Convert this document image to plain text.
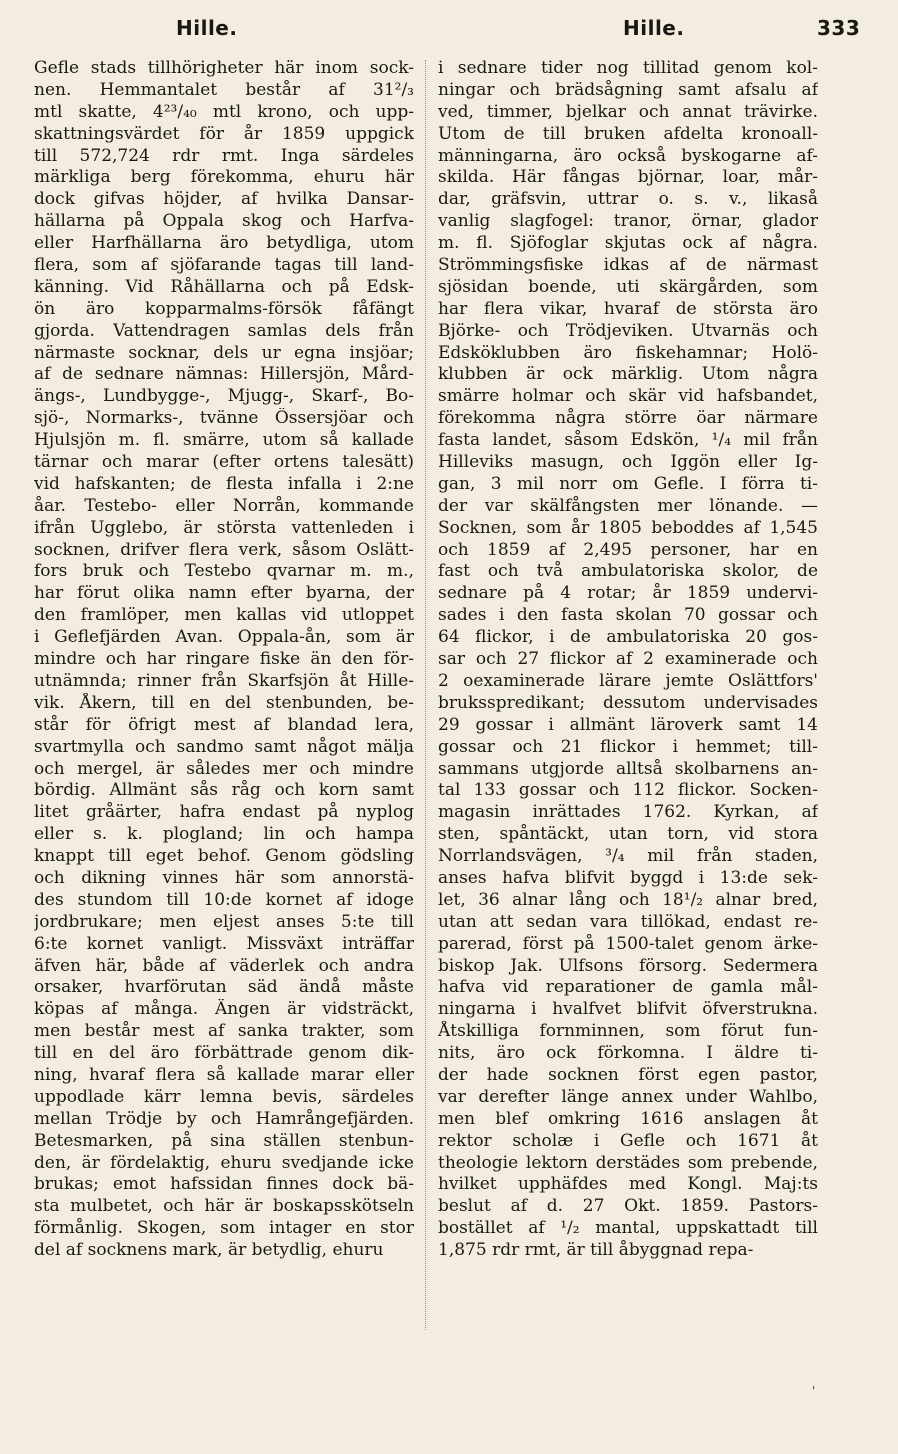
Hille.	Hille.	333
Gefle stads tillhörigheter här inom sock-
nen. Hemmantalet består af 31²/₃
mtl skatte, 4²³/₄₀ mtl krono, och upp-
skattningsvärdet för år 1859 uppgick
till 572,724 rdr rmt. Inga särdeles
märkliga berg förekomma, ehuru här
dock gifvas höjder, af hvilka Dansar-
hällarna på Oppala skog och Harfva-
eller Harfhällarna äro betydliga, utom
flera, som af sjöfarande tagas till land-
känning. Vid Råhällarna och på Edsk-
ön äro kopparmalms-försök fåfängt
gjorda. Vattendragen samlas dels från
närmaste socknar, dels ur egna insjöar;
af de sednare nämnas: Hillersjön, Mård-
ängs-, Lundbygge-, Mjugg-, Skarf-, Bo-
sjö-, Normarks-, tvänne Össersjöar och
Hjulsjön m. fl. smärre, utom så kallade
tärnar och marar (efter ortens talesätt)
vid hafskanten; de flesta infalla i 2:ne
åar. Testebo- eller Norrån, kommande
ifrån Ugglebo, är största vattenleden i
socknen, drifver flera verk, såsom Oslätt-
fors bruk och Testebo qvarnar m. m.,
har förut olika namn efter byarna, der
den framlöper, men kallas vid utloppet
i Geflefjärden Avan. Oppala-ån, som är
mindre och har ringare fiske än den för-
utnämnda; rinner från Skarfsjön åt Hille-
vik. Åkern, till en del stenbunden, be-
står för öfrigt mest af blandad lera,
svartmylla och sandmo samt något mälja
och mergel, är således mer och mindre
bördig. Allmänt sås råg och korn samt
litet gråärter, hafra endast på nyplog
eller s. k. plogland; lin och hampa
knappt till eget behof. Genom gödsling
och dikning vinnes här som annorstä-
des stundom till 10:de kornet af idoge
jordbrukare; men eljest anses 5:te till
6:te kornet vanligt. Missväxt inträffar
äfven här, både af väderlek och andra
orsaker, hvarförutan säd ändå måste
köpas af många. Ängen är vidsträckt,
men består mest af sanka trakter, som
till en del äro förbättrade genom dik-
ning, hvaraf flera så kallade marar eller
uppodlade kärr lemna bevis, särdeles
mellan Trödje by och Hamrångefjärden.
Betesmarken, på sina ställen stenbun-
den, är fördelaktig, ehuru svedjande icke
brukas; emot hafssidan finnes dock bä-
sta mulbetet, och här är boskapsskötseln
förmånlig. Skogen, som intager en stor
del af socknens mark, är betydlig, ehuru
i sednare tider nog tillitad genom kol-
ningar och brädsågning samt afsalu af
ved, timmer, bjelkar och annat trävirke.
Utom de till bruken afdelta kronoall-
männingarna, äro också byskogarne af-
skilda. Här fångas björnar, loar, mår-
dar, gräfsvin, uttrar o. s. v., likaså
vanlig slagfogel: tranor, örnar, glador
m. fl. Sjöfoglar skjutas ock af några.
Strömmingsfiske idkas af de närmast
sjösidan boende, uti skärgården, som
har flera vikar, hvaraf de största äro
Björke- och Trödjeviken. Utvarnäs och
Edsköklubben äro fiskehamnar; Holö-
klubben är ock märklig. Utom några
smärre holmar och skär vid hafsbandet,
förekomma några större öar närmare
fasta landet, såsom Edskön, ¹/₄ mil från
Hilleviks masugn, och Iggön eller Ig-
gan, 3 mil norr om Gefle. I förra ti-
der var skälfångsten mer lönande. —
Socknen, som år 1805 beboddes af 1,545
och 1859 af 2,495 personer, har en
fast och två ambulatoriska skolor, de
sednare på 4 rotar; år 1859 undervi-
sades i den fasta skolan 70 gossar och
64 flickor, i de ambulatoriska 20 gos-
sar och 27 flickor af 2 examinerade och
2 oexaminerade lärare jemte Oslättfors'
bruksspredikant; dessutom undervisades
29 gossar i allmänt läroverk samt 14
gossar och 21 flickor i hemmet; till-
sammans utgjorde alltså skolbarnens an-
tal 133 gossar och 112 flickor. Socken-
magasin inrättades 1762. Kyrkan, af
sten, spåntäckt, utan torn, vid stora
Norrlandsvägen, ³/₄ mil från staden,
anses hafva blifvit byggd i 13:de sek-
let, 36 alnar lång och 18¹/₂ alnar bred,
utan att sedan vara tillökad, endast re-
parerad, först på 1500-talet genom ärke-
biskop Jak. Ulfsons försorg. Sedermera
hafva vid reparationer de gamla mål-
ningarna i hvalfvet blifvit öfverstrukna.
Åtskilliga fornminnen, som förut fun-
nits, äro ock förkomna. I äldre ti-
der hade socknen först egen pastor,
var derefter länge annex under Wahlbo,
men blef omkring 1616 anslagen åt
rektor scholæ i Gefle och 1671 åt
theologie lektorn derstädes som prebende,
hvilket upphäfdes med Kongl. Maj:ts
beslut af d. 27 Okt. 1859. Pastors-
bostället af ¹/₂ mantal, uppskattadt till
1,875 rdr rmt, är till åbyggnad repa-
'
